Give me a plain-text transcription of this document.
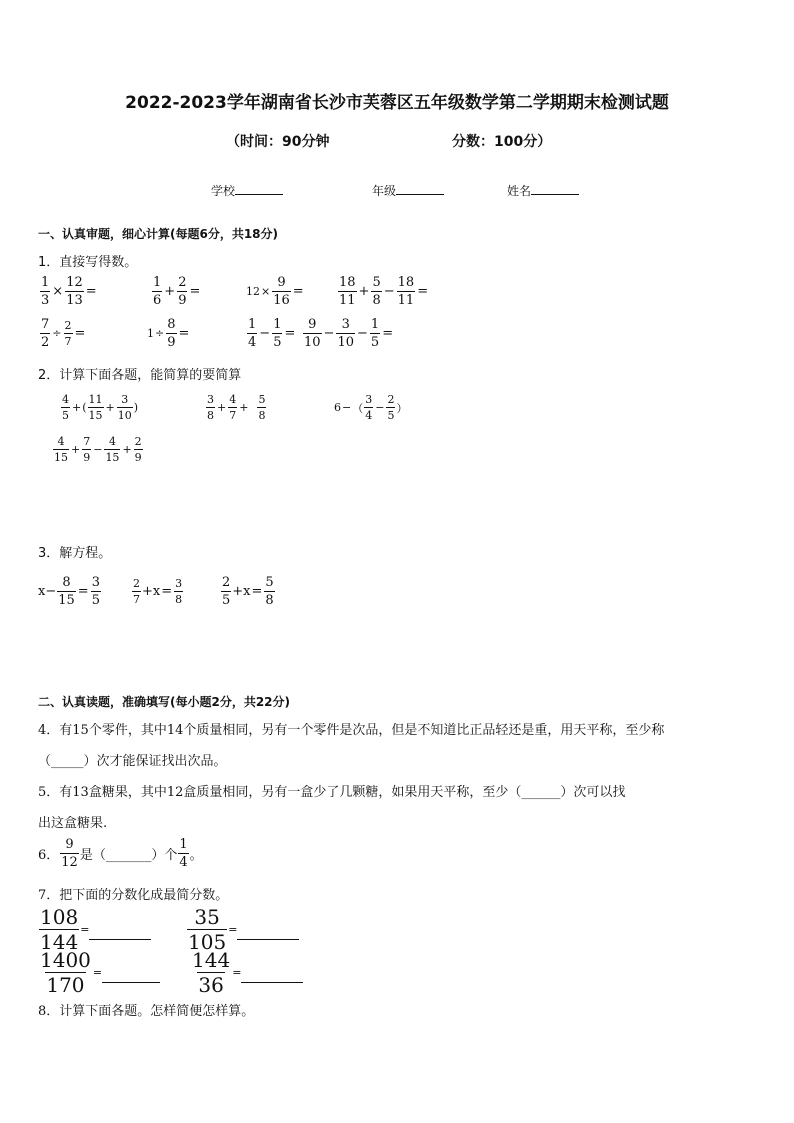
2022-2023学年湖南省长沙市芙蓉区五年级数学第二学期期末检测试题
（时间：90分钟	分数：100分）
学校	年级	姓名
一、认真审题，细心计算(每题6分，共18分)
1．直接写得数。
$\frac{1}{3} \times \frac{12}{13}$ =	$\frac{1}{6} + \frac{2}{9}$ =	$12 \times \frac{9}{16}$ =	$\frac{18}{11} + \frac{5}{8} - \frac{18}{11}$ =
$\frac{7}{2} \div \frac{2}{7}$ =	$1 \div \frac{8}{9}$ =	$\frac{1}{4} - \frac{1}{5} = \frac{9}{10} - \frac{3}{10} - \frac{1}{5}$ =
2．计算下面各题，能简算的要简算
$\frac{4}{5}$ + ( $\frac{11}{15} + \frac{3}{10}$ )	$\frac{3}{8} + \frac{4}{7} + \frac{5}{8}$	6 − （ $\frac{3}{4} - \frac{2}{5}$ ）
$\frac{4}{15} + \frac{7}{9} - \frac{4}{15} + \frac{2}{9}$
3．解方程。
$x- \frac{8}{15} = \frac{3}{5}$	$\frac{2}{7} +x = \frac{3}{8}$	$\frac{2}{5} +x = \frac{5}{8}$
二、认真读题，准确填写(每小题2分，共22分)
4．有15个零件，其中14个质量相同，另有一个零件是次品，但是不知道比正品轻还是重，用天平称，至少称
（_____）次才能保证找出次品。
5．有13盒糖果，其中12盒质量相同，另有一盒少了几颗糖，如果用天平称，至少（______）次可以找
出这盒糖果.
6． $\frac{9}{12}$ 是（_______）个 $\frac{1}{4}$ 。
7．把下面的分数化成最简分数。
$\frac{108}{144}$ =	$\frac{35}{105}$ =
$\frac{1400}{170}$ =	$\frac{144}{36}$ =
8．计算下面各题。怎样简便怎样算。
